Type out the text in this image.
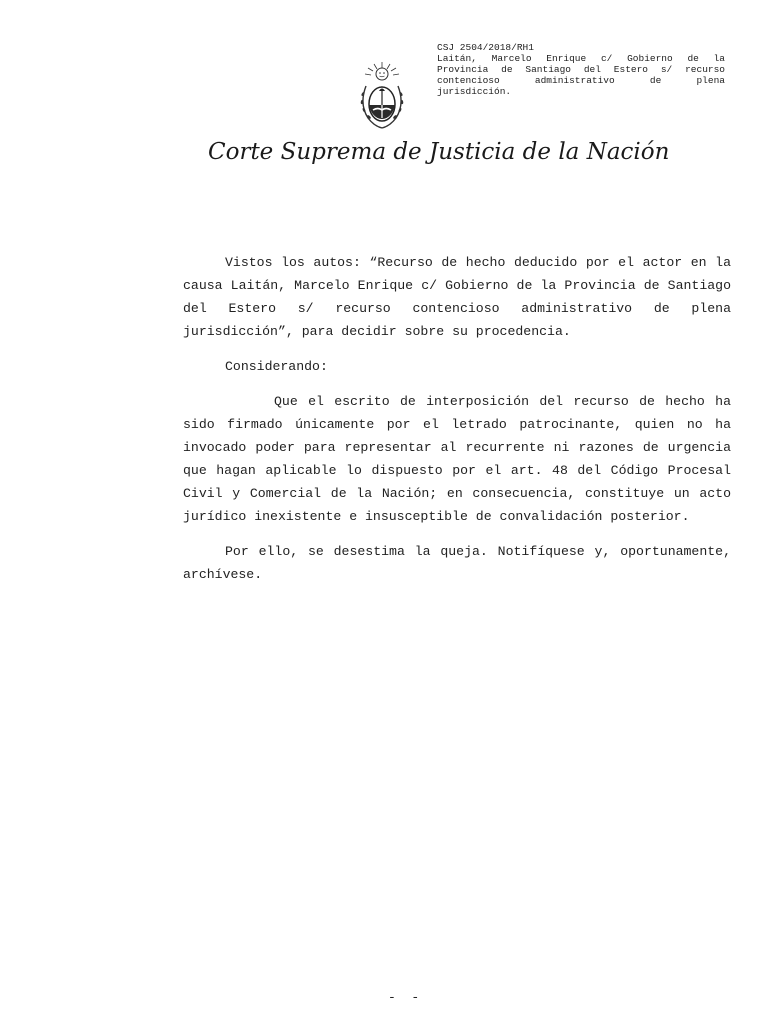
CSJ 2504/2018/RH1
Laitán, Marcelo Enrique c/ Gobierno de la
Provincia de Santiago del Estero s/ recurso
contencioso administrativo de plena
jurisdicción.
Corte Suprema de Justicia de la Nación

Vistos los autos: “Recurso de hecho deducido por el actor en la causa Laitán, Marcelo Enrique c/ Gobierno de la Provincia de Santiago del Estero s/ recurso contencioso administrativo de plena jurisdicción”, para decidir sobre su procedencia.

Considerando:

Que el escrito de interposición del recurso de hecho ha sido firmado únicamente por el letrado patrocinante, quien no ha invocado poder para representar al recurrente ni razones de urgencia que hagan aplicable lo dispuesto por el art. 48 del Código Procesal Civil y Comercial de la Nación; en consecuencia, constituye un acto jurídico inexistente e insusceptible de convalidación posterior.

Por ello, se desestima la queja. Notifíquese y, oportunamente, archívese.

-  -
